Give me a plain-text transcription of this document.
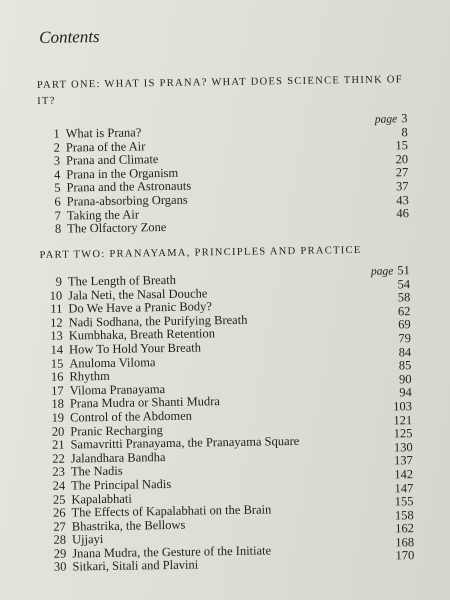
Contents
PART ONE: WHAT IS PRANA? WHAT DOES SCIENCE THINK OF IT?
1 What is Prana?
2 Prana of the Air
3 Prana and Climate
4 Prana in the Organism
5 Prana and the Astronauts
6 Prana-absorbing Organs
7 Taking the Air
8 The Olfactory Zone
page 3
8
15
20
27
37
43
46
PART TWO: PRANAYAMA, PRINCIPLES AND PRACTICE
9 The Length of Breath
10 Jala Neti, the Nasal Douche
11 Do We Have a Pranic Body?
12 Nadi Sodhana, the Purifying Breath
13 Kumbhaka, Breath Retention
14 How To Hold Your Breath
15 Anuloma Viloma
16 Rhythm
17 Viloma Pranayama
18 Prana Mudra or Shanti Mudra
19 Control of the Abdomen
20 Pranic Recharging
21 Samavritti Pranayama, the Pranayama Square
22 Jalandhara Bandha
23 The Nadis
24 The Principal Nadis
25 Kapalabhati
26 The Effects of Kapalabhati on the Brain
27 Bhastrika, the Bellows
28 Ujjayi
29 Jnana Mudra, the Gesture of the Initiate
30 Sitkari, Sitali and Plavini
page 51
54
58
62
69
79
84
85
90
94
103
121
125
130
137
142
147
155
158
162
168
170
